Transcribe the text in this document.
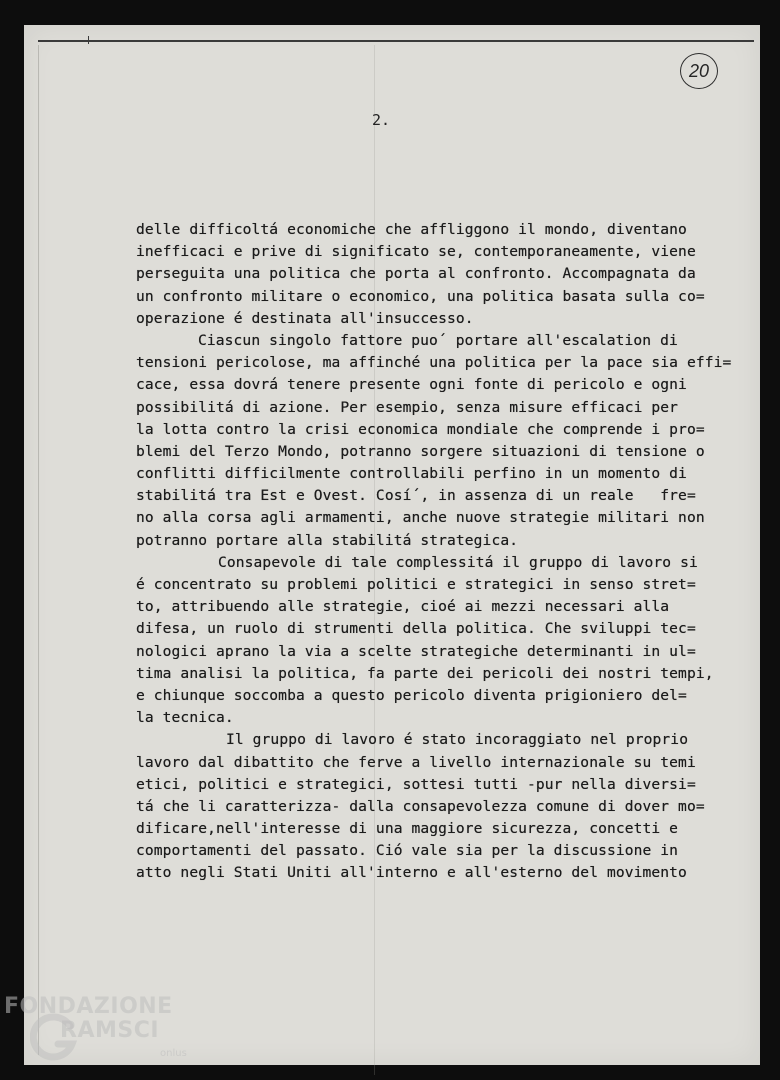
20
2.
delle difficoltá economiche che affliggono il mondo, diventano
inefficaci e prive di significato se, contemporaneamente, viene
perseguita una politica che porta al confronto. Accompagnata da
un confronto militare o economico, una politica basata sulla co=
operazione é destinata all'insuccesso.
Ciascun singolo fattore puo´ portare all'escalation di
tensioni pericolose, ma affinché una politica per la pace sia effi=
cace, essa dovrá tenere presente ogni fonte di pericolo e ogni
possibilitá di azione. Per esempio, senza misure efficaci per
la lotta contro la crisi economica mondiale che comprende i pro=
blemi del Terzo Mondo, potranno sorgere situazioni di tensione o
conflitti difficilmente controllabili perfino in un momento di
stabilitá tra Est e Ovest. Cosí´, in assenza di un reale   fre=
no alla corsa agli armamenti, anche nuove strategie militari non
potranno portare alla stabilitá strategica.
Consapevole di tale complessitá il gruppo di lavoro si
é concentrato su problemi politici e strategici in senso stret=
to, attribuendo alle strategie, cioé ai mezzi necessari alla
difesa, un ruolo di strumenti della politica. Che sviluppi tec=
nologici aprano la via a scelte strategiche determinanti in ul=
tima analisi la politica, fa parte dei pericoli dei nostri tempi,
e chiunque soccomba a questo pericolo diventa prigioniero del=
la tecnica.
Il gruppo di lavoro é stato incoraggiato nel proprio
lavoro dal dibattito che ferve a livello internazionale su temi
etici, politici e strategici, sottesi tutti -pur nella diversi=
tá che li caratterizza- dalla consapevolezza comune di dover mo=
dificare,nell'interesse di una maggiore sicurezza, concetti e
comportamenti del passato. Ció vale sia per la discussione in
atto negli Stati Uniti all'interno e all'esterno del movimento
FONDAZIONE
RAMSCI
onlus
